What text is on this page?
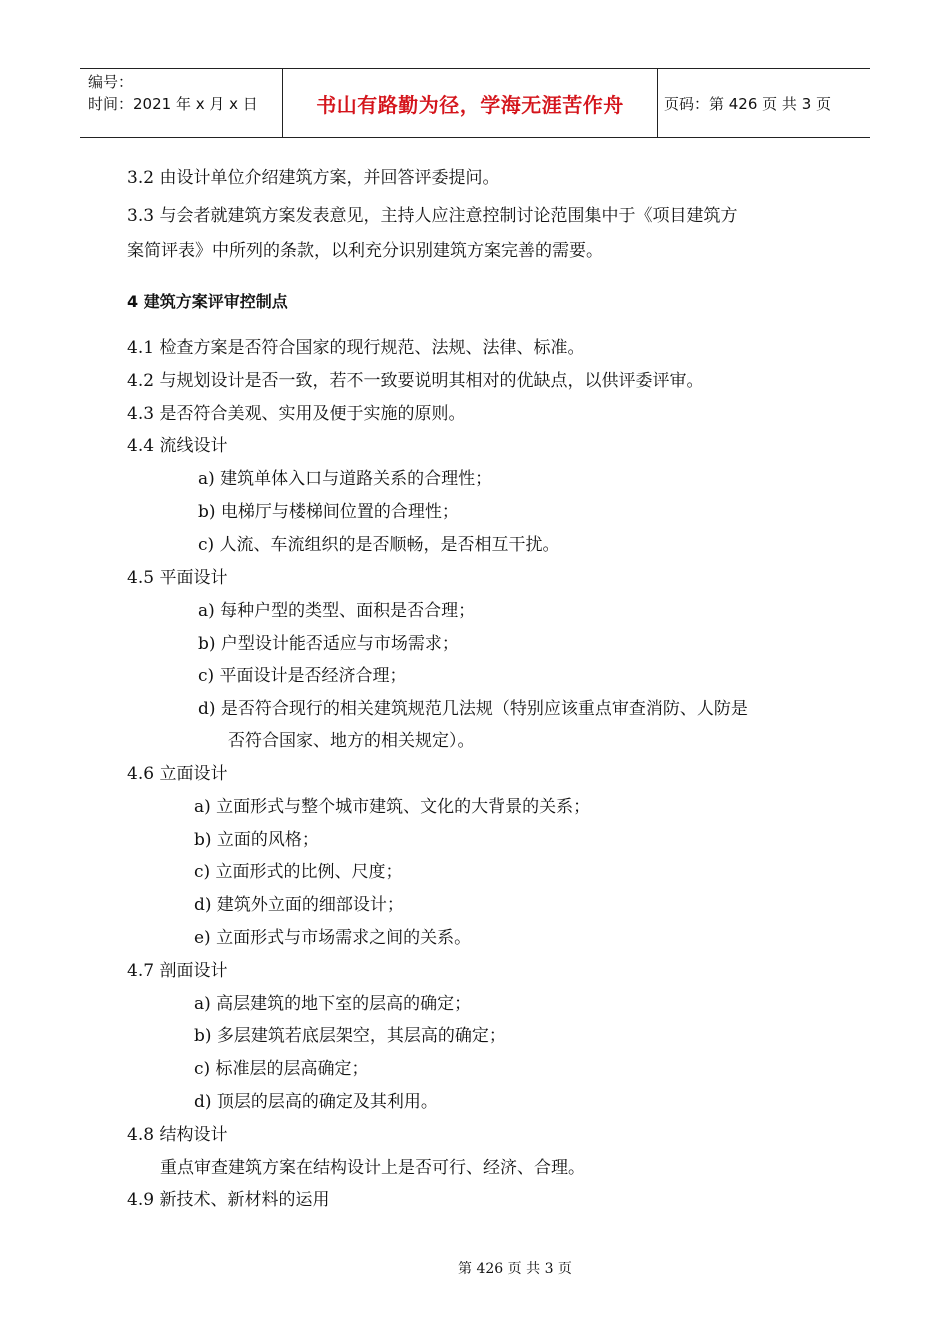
编号：
时间：2021 年 x 月 x 日	书山有路勤为径，学海无涯苦作舟	页码：第 426 页 共 3 页
3.2 由设计单位介绍建筑方案，并回答评委提问。
3.3 与会者就建筑方案发表意见，主持人应注意控制讨论范围集中于《项目建筑方
案简评表》中所列的条款，以利充分识别建筑方案完善的需要。
4 建筑方案评审控制点
4.1 检查方案是否符合国家的现行规范、法规、法律、标准。
4.2 与规划设计是否一致，若不一致要说明其相对的优缺点，以供评委评审。
4.3 是否符合美观、实用及便于实施的原则。
4.4 流线设计
a) 建筑单体入口与道路关系的合理性；
b) 电梯厅与楼梯间位置的合理性；
c) 人流、车流组织的是否顺畅，是否相互干扰。
4.5 平面设计
a) 每种户型的类型、面积是否合理；
b) 户型设计能否适应与市场需求；
c) 平面设计是否经济合理；
d) 是否符合现行的相关建筑规范几法规（特别应该重点审查消防、人防是
否符合国家、地方的相关规定）。
4.6 立面设计
a) 立面形式与整个城市建筑、文化的大背景的关系；
b) 立面的风格；
c) 立面形式的比例、尺度；
d) 建筑外立面的细部设计；
e) 立面形式与市场需求之间的关系。
4.7 剖面设计
a) 高层建筑的地下室的层高的确定；
b) 多层建筑若底层架空，其层高的确定；
c) 标准层的层高确定；
d) 顶层的层高的确定及其利用。
4.8 结构设计
重点审查建筑方案在结构设计上是否可行、经济、合理。
4.9 新技术、新材料的运用
第 426 页 共 3 页
